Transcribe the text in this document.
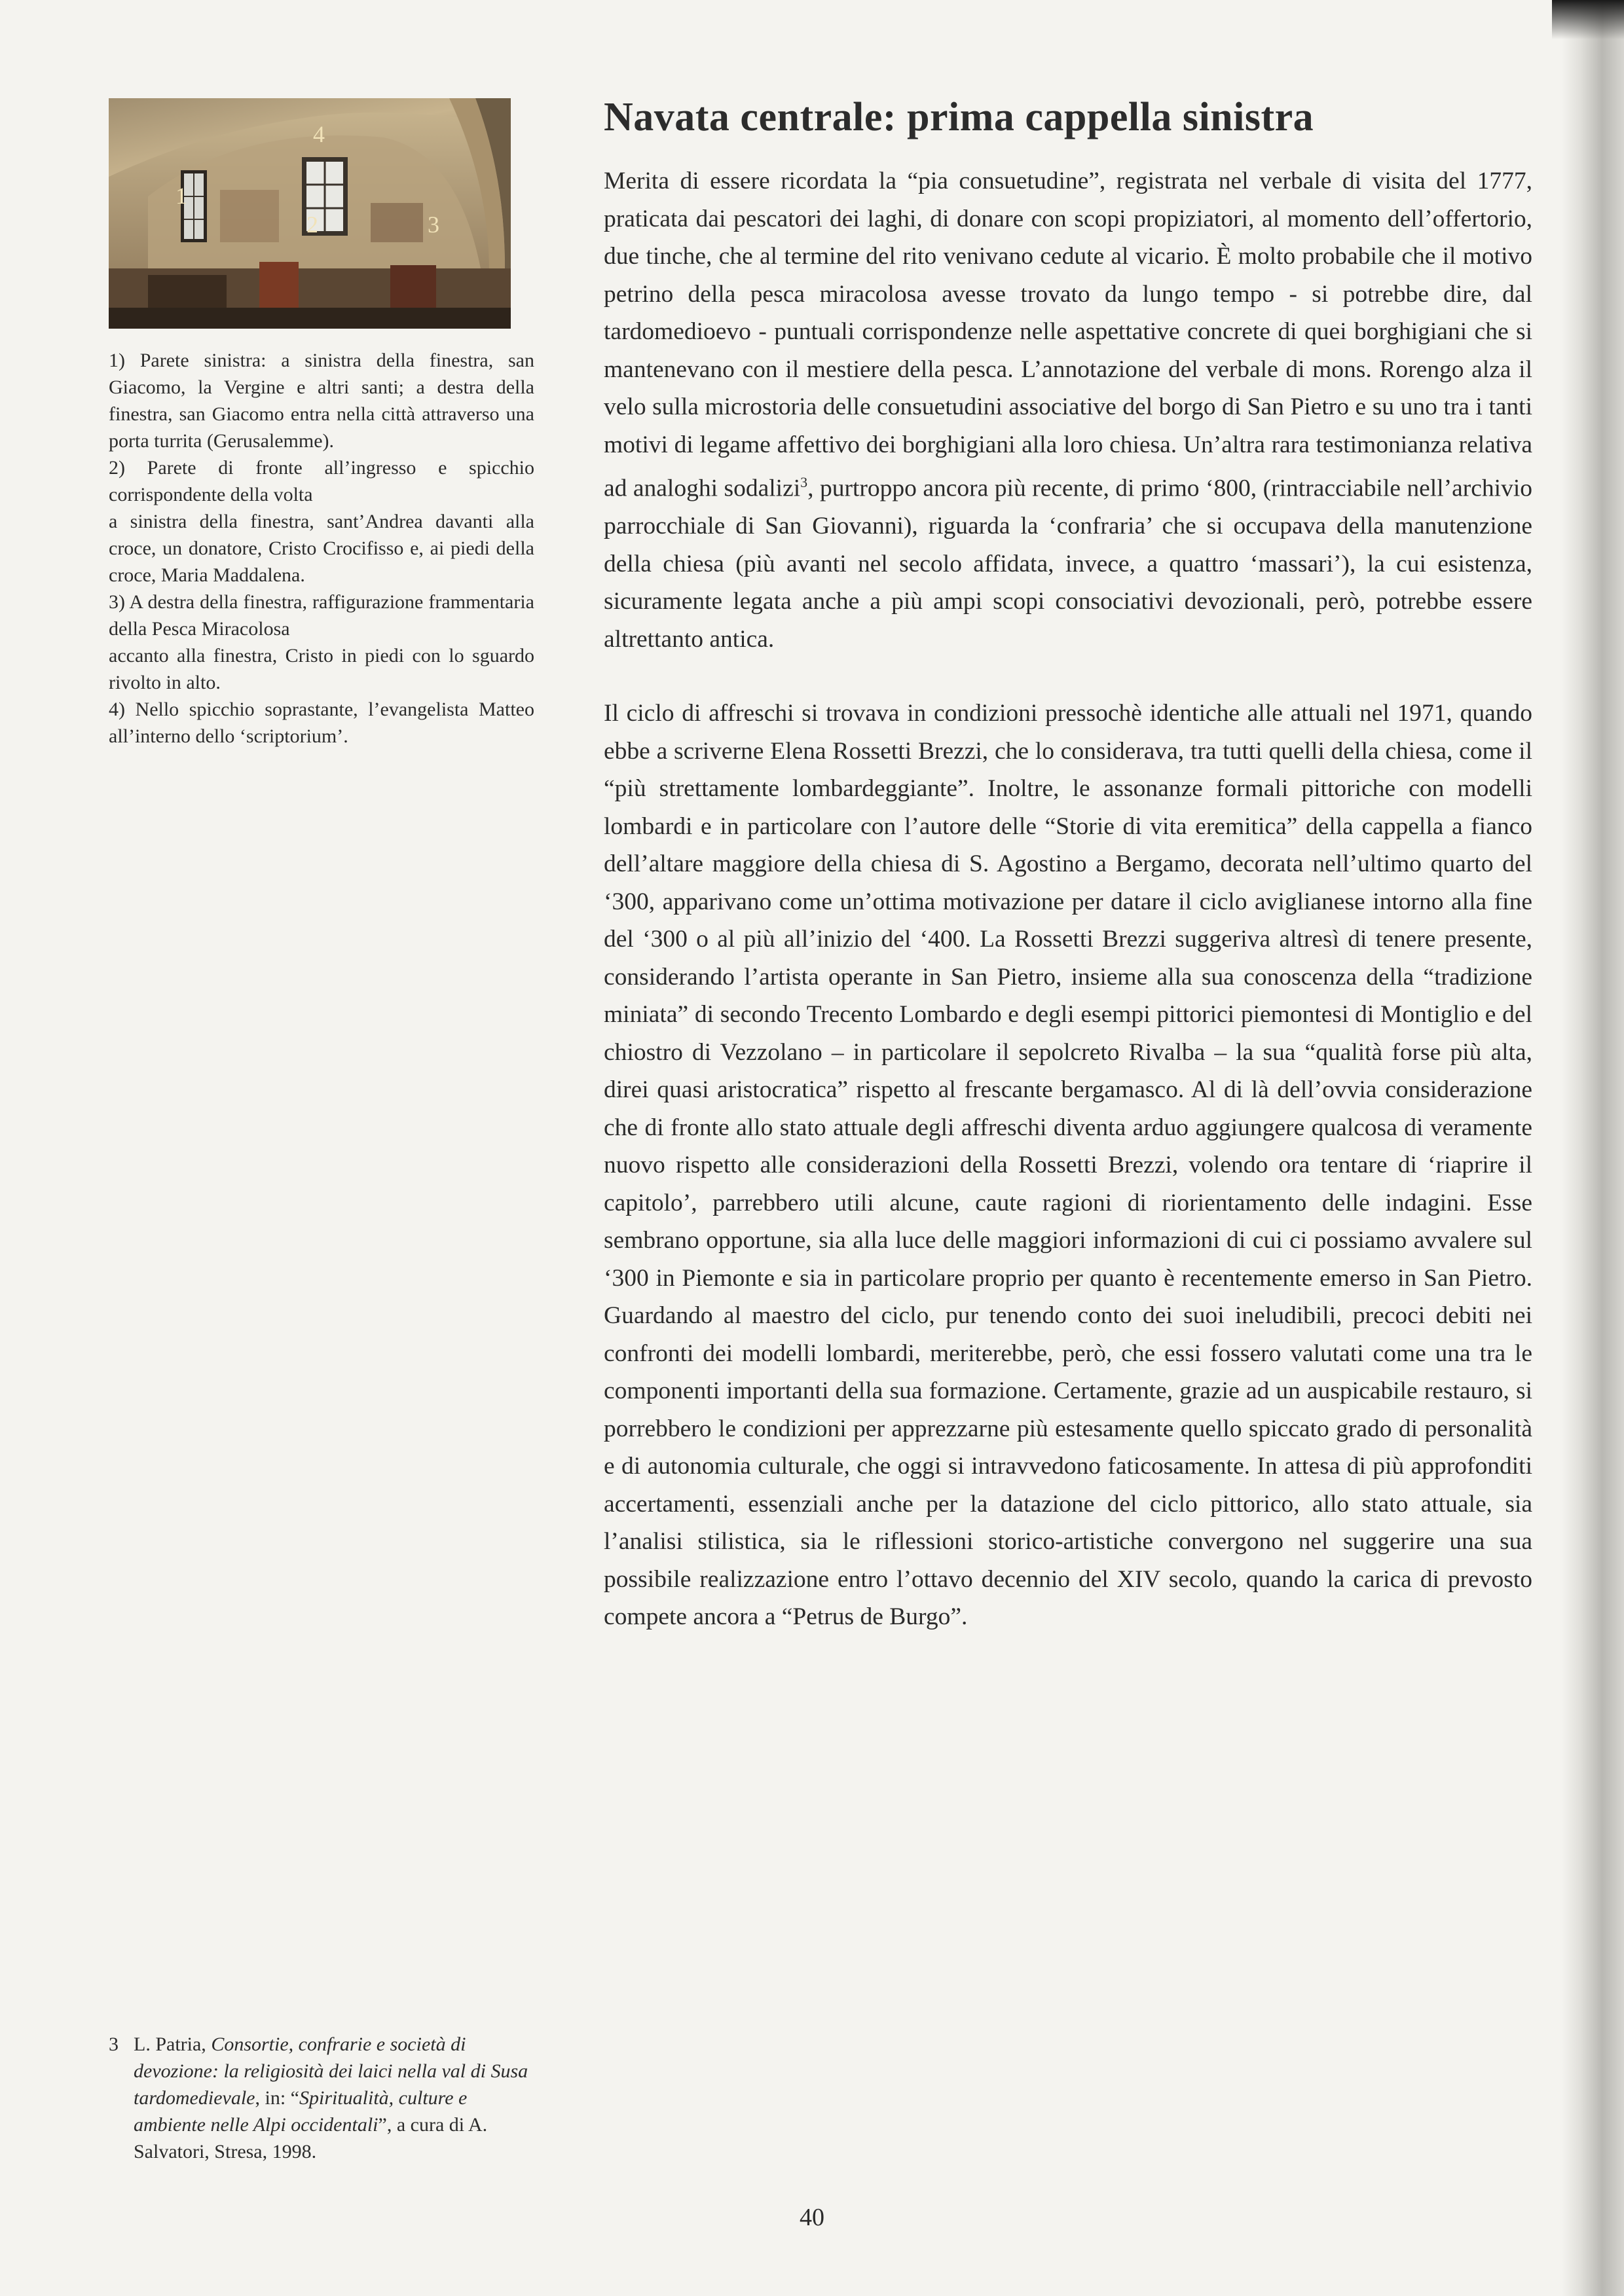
4
1
2	3

1) Parete sinistra: a sinistra della finestra, san Giacomo, la Vergine e altri santi; a destra della finestra, san Giacomo entra nella città attraverso una porta turrita (Gerusalemme).

2) Parete di fronte all’ingresso e spicchio corrispondente della volta

a sinistra della finestra, sant’Andrea davanti alla croce, un donatore, Cristo Crocifisso e, ai piedi della croce, Maria Maddalena.

3) A destra della finestra, raffigurazione frammentaria della Pesca Miracolosa

accanto alla finestra, Cristo in piedi con lo sguardo rivolto in alto.

4) Nello spicchio soprastante, l’evangelista Matteo all’interno dello ‘scriptorium’.

Navata centrale: prima cappella sinistra

Merita di essere ricordata la “pia consuetudine”, registrata nel verbale di visita del 1777, praticata dai pescatori dei laghi, di donare con scopi propiziatori, al momento dell’offertorio, due tinche, che al termine del rito venivano cedute al vicario. È molto probabile che il motivo petrino della pesca miracolosa avesse trovato da lungo tempo - si potrebbe dire, dal tardomedioevo - puntuali corrispondenze nelle aspettative concrete di quei borghigiani che si mantenevano con il mestiere della pesca. L’annotazione del verbale di mons. Rorengo alza il velo sulla microstoria delle consuetudini associative del borgo di San Pietro e su uno tra i tanti motivi di legame affettivo dei borghigiani alla loro chiesa. Un’altra rara testimonianza relativa ad analoghi sodalizi$^3$, purtroppo ancora più recente, di primo ‘800, (rintracciabile nell’archivio parrocchiale di San Giovanni), riguarda la ‘confraria’ che si occupava della manutenzione della chiesa (più avanti nel secolo affidata, invece, a quattro ‘massari’), la cui esistenza, sicuramente legata anche a più ampi scopi consociativi devozionali, però, potrebbe essere altrettanto antica.

Il ciclo di affreschi si trovava in condizioni pressochè identiche alle attuali nel 1971, quando ebbe a scriverne Elena Rossetti Brezzi, che lo considerava, tra tutti quelli della chiesa, come il “più strettamente lombardeggiante”. Inoltre, le assonanze formali pittoriche con modelli lombardi e in particolare con l’autore delle “Storie di vita eremitica” della cappella a fianco dell’altare maggiore della chiesa di S. Agostino a Bergamo, decorata nell’ultimo quarto del ‘300, apparivano come un’ottima motivazione per datare il ciclo aviglianese intorno alla fine del ‘300 o al più all’inizio del ‘400. La Rossetti Brezzi suggeriva altresì di tenere presente, considerando l’artista operante in San Pietro, insieme alla sua conoscenza della “tradizione miniata” di secondo Trecento Lombardo e degli esempi pittorici piemontesi di Montiglio e del chiostro di Vezzolano – in particolare il sepolcreto Rivalba – la sua “qualità forse più alta, direi quasi aristocratica” rispetto al frescante bergamasco. Al di là dell’ovvia considerazione che di fronte allo stato attuale degli affreschi diventa arduo aggiungere qualcosa di veramente nuovo rispetto alle considerazioni della Rossetti Brezzi, volendo ora tentare di ‘riaprire il capitolo’, parrebbero utili alcune, caute ragioni di riorientamento delle indagini. Esse sembrano opportune, sia alla luce delle maggiori informazioni di cui ci possiamo avvalere sul ‘300 in Piemonte e sia in particolare proprio per quanto è recentemente emerso in San Pietro. Guardando al maestro del ciclo, pur tenendo conto dei suoi ineludibili, precoci debiti nei confronti dei modelli lombardi, meriterebbe, però, che essi fossero valutati come una tra le componenti importanti della sua formazione. Certamente, grazie ad un auspicabile restauro, si porrebbero le condizioni per apprezzarne più estesamente quello spiccato grado di personalità e di autonomia culturale, che oggi si intravvedono faticosamente. In attesa di più approfonditi accertamenti, essenziali anche per la datazione del ciclo pittorico, allo stato attuale, sia l’analisi stilistica, sia le riflessioni storico-artistiche convergono nel suggerire una sua possibile realizzazione entro l’ottavo decennio del XIV secolo, quando la carica di prevosto compete ancora a “Petrus de Burgo”.

3 L. Patria, Consortie, confrarie e società di devozione: la religiosità dei laici nella val di Susa tardomedievale, in: “Spiritualità, culture e ambiente nelle Alpi occidentali”, a cura di A. Salvatori, Stresa, 1998.
40
